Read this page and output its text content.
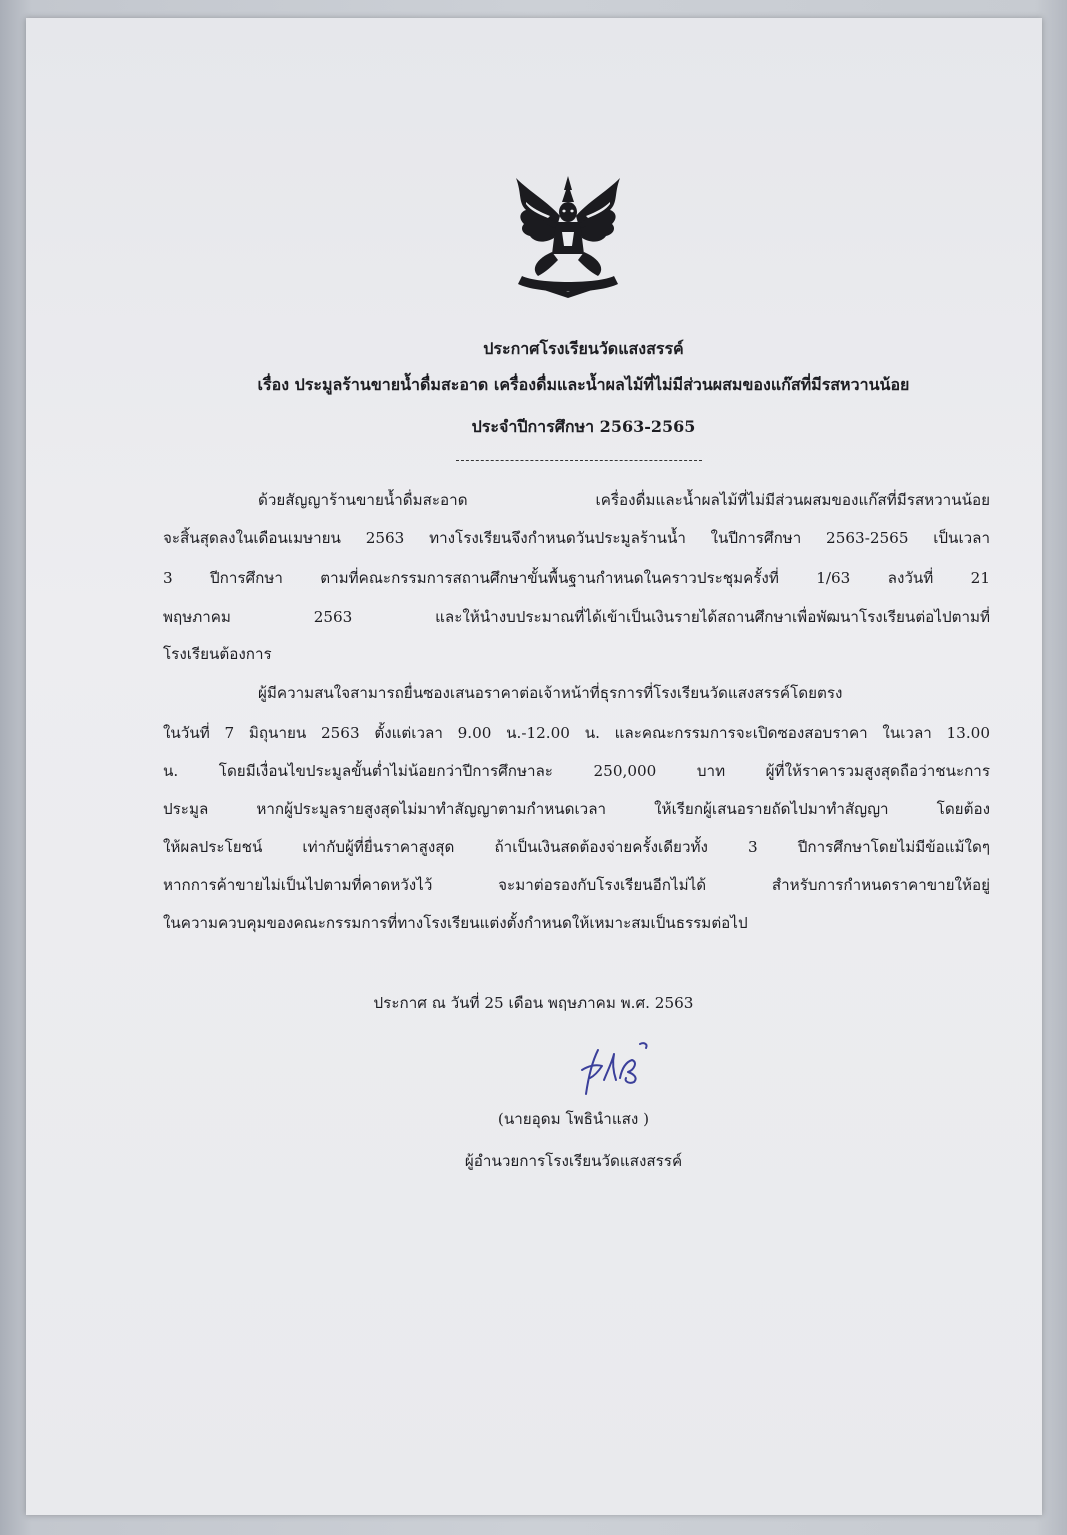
ประกาศโรงเรียนวัดแสงสรรค์
เรื่อง ประมูลร้านขายน้ำดื่มสะอาด เครื่องดื่มและน้ำผลไม้ที่ไม่มีส่วนผสมของแก๊สที่มีรสหวานน้อย
ประจำปีการศึกษา 2563-2565
ด้วยสัญญาร้านขายน้ำดื่มสะอาด เครื่องดื่มและน้ำผลไม้ที่ไม่มีส่วนผสมของแก๊สที่มีรสหวานน้อย
จะสิ้นสุดลงในเดือนเมษายน 2563 ทางโรงเรียนจึงกำหนดวันประมูลร้านน้ำ ในปีการศึกษา 2563-2565 เป็นเวลา
3 ปีการศึกษา ตามที่คณะกรรมการสถานศึกษาขั้นพื้นฐานกำหนดในคราวประชุมครั้งที่ 1/63 ลงวันที่ 21
พฤษภาคม 2563 และให้นำงบประมาณที่ได้เข้าเป็นเงินรายได้สถานศึกษาเพื่อพัฒนาโรงเรียนต่อไปตามที่
โรงเรียนต้องการ
ผู้มีความสนใจสามารถยื่นซองเสนอราคาต่อเจ้าหน้าที่ธุรการที่โรงเรียนวัดแสงสรรค์โดยตรง
ในวันที่ 7 มิถุนายน 2563 ตั้งแต่เวลา 9.00 น.-12.00 น. และคณะกรรมการจะเปิดซองสอบราคา ในเวลา 13.00
น. โดยมีเงื่อนไขประมูลขั้นต่ำไม่น้อยกว่าปีการศึกษาละ 250,000 บาท ผู้ที่ให้ราคารวมสูงสุดถือว่าชนะการ
ประมูล หากผู้ประมูลรายสูงสุดไม่มาทำสัญญาตามกำหนดเวลา ให้เรียกผู้เสนอรายถัดไปมาทำสัญญา โดยต้อง
ให้ผลประโยชน์ เท่ากับผู้ที่ยื่นราคาสูงสุด ถ้าเป็นเงินสดต้องจ่ายครั้งเดียวทั้ง 3 ปีการศึกษาโดยไม่มีข้อแม้ใดๆ
หากการค้าขายไม่เป็นไปตามที่คาดหวังไว้ จะมาต่อรองกับโรงเรียนอีกไม่ได้ สำหรับการกำหนดราคาขายให้อยู่
ในความควบคุมของคณะกรรมการที่ทางโรงเรียนแต่งตั้งกำหนดให้เหมาะสมเป็นธรรมต่อไป
ประกาศ ณ วันที่ 25 เดือน พฤษภาคม พ.ศ. 2563
(นายอุดม โพธินำแสง )
ผู้อำนวยการโรงเรียนวัดแสงสรรค์
